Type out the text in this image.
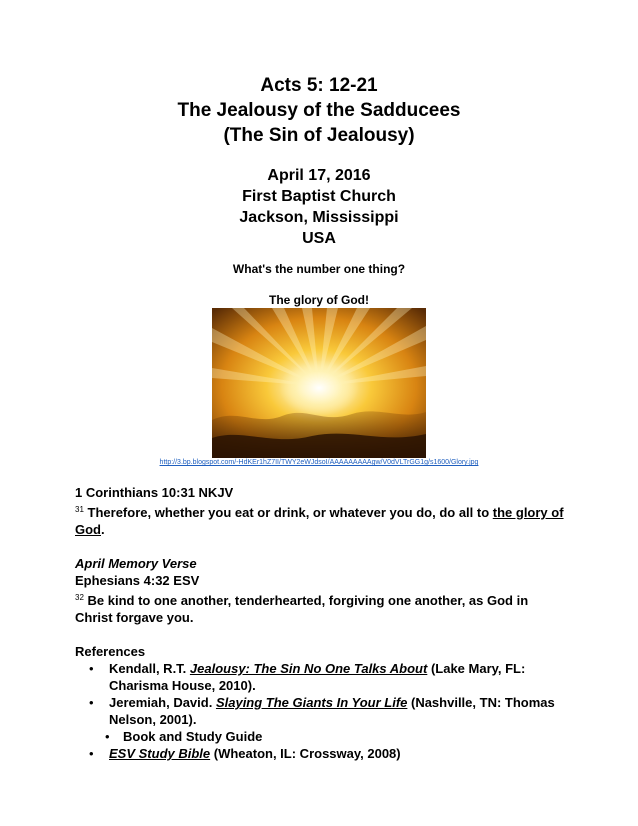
Acts 5: 12-21
The Jealousy of the Sadducees
(The Sin of Jealousy)
April 17, 2016
First Baptist Church
Jackson, Mississippi
USA
What's the number one thing?
The glory of God!
http://3.bp.blogspot.com/-HdKEr1hZ7II/TWY2eWJdsoI/AAAAAAAAAgw/V0dVLTrGG1g/s1600/Glory.jpg

1 Corinthians 10:31 NKJV

$^{31}$ Therefore, whether you eat or drink, or whatever you do, do all to the glory of God.

April Memory Verse

Ephesians 4:32 ESV

$^{32}$ Be kind to one another, tenderhearted, forgiving one another, as God in Christ forgave you.

References

• Kendall, R.T. Jealousy: The Sin No One Talks About (Lake Mary, FL: Charisma House, 2010).
• Jeremiah, David. Slaying The Giants In Your Life (Nashville, TN: Thomas Nelson, 2001).
• Book and Study Guide
• ESV Study Bible (Wheaton, IL: Crossway, 2008)
